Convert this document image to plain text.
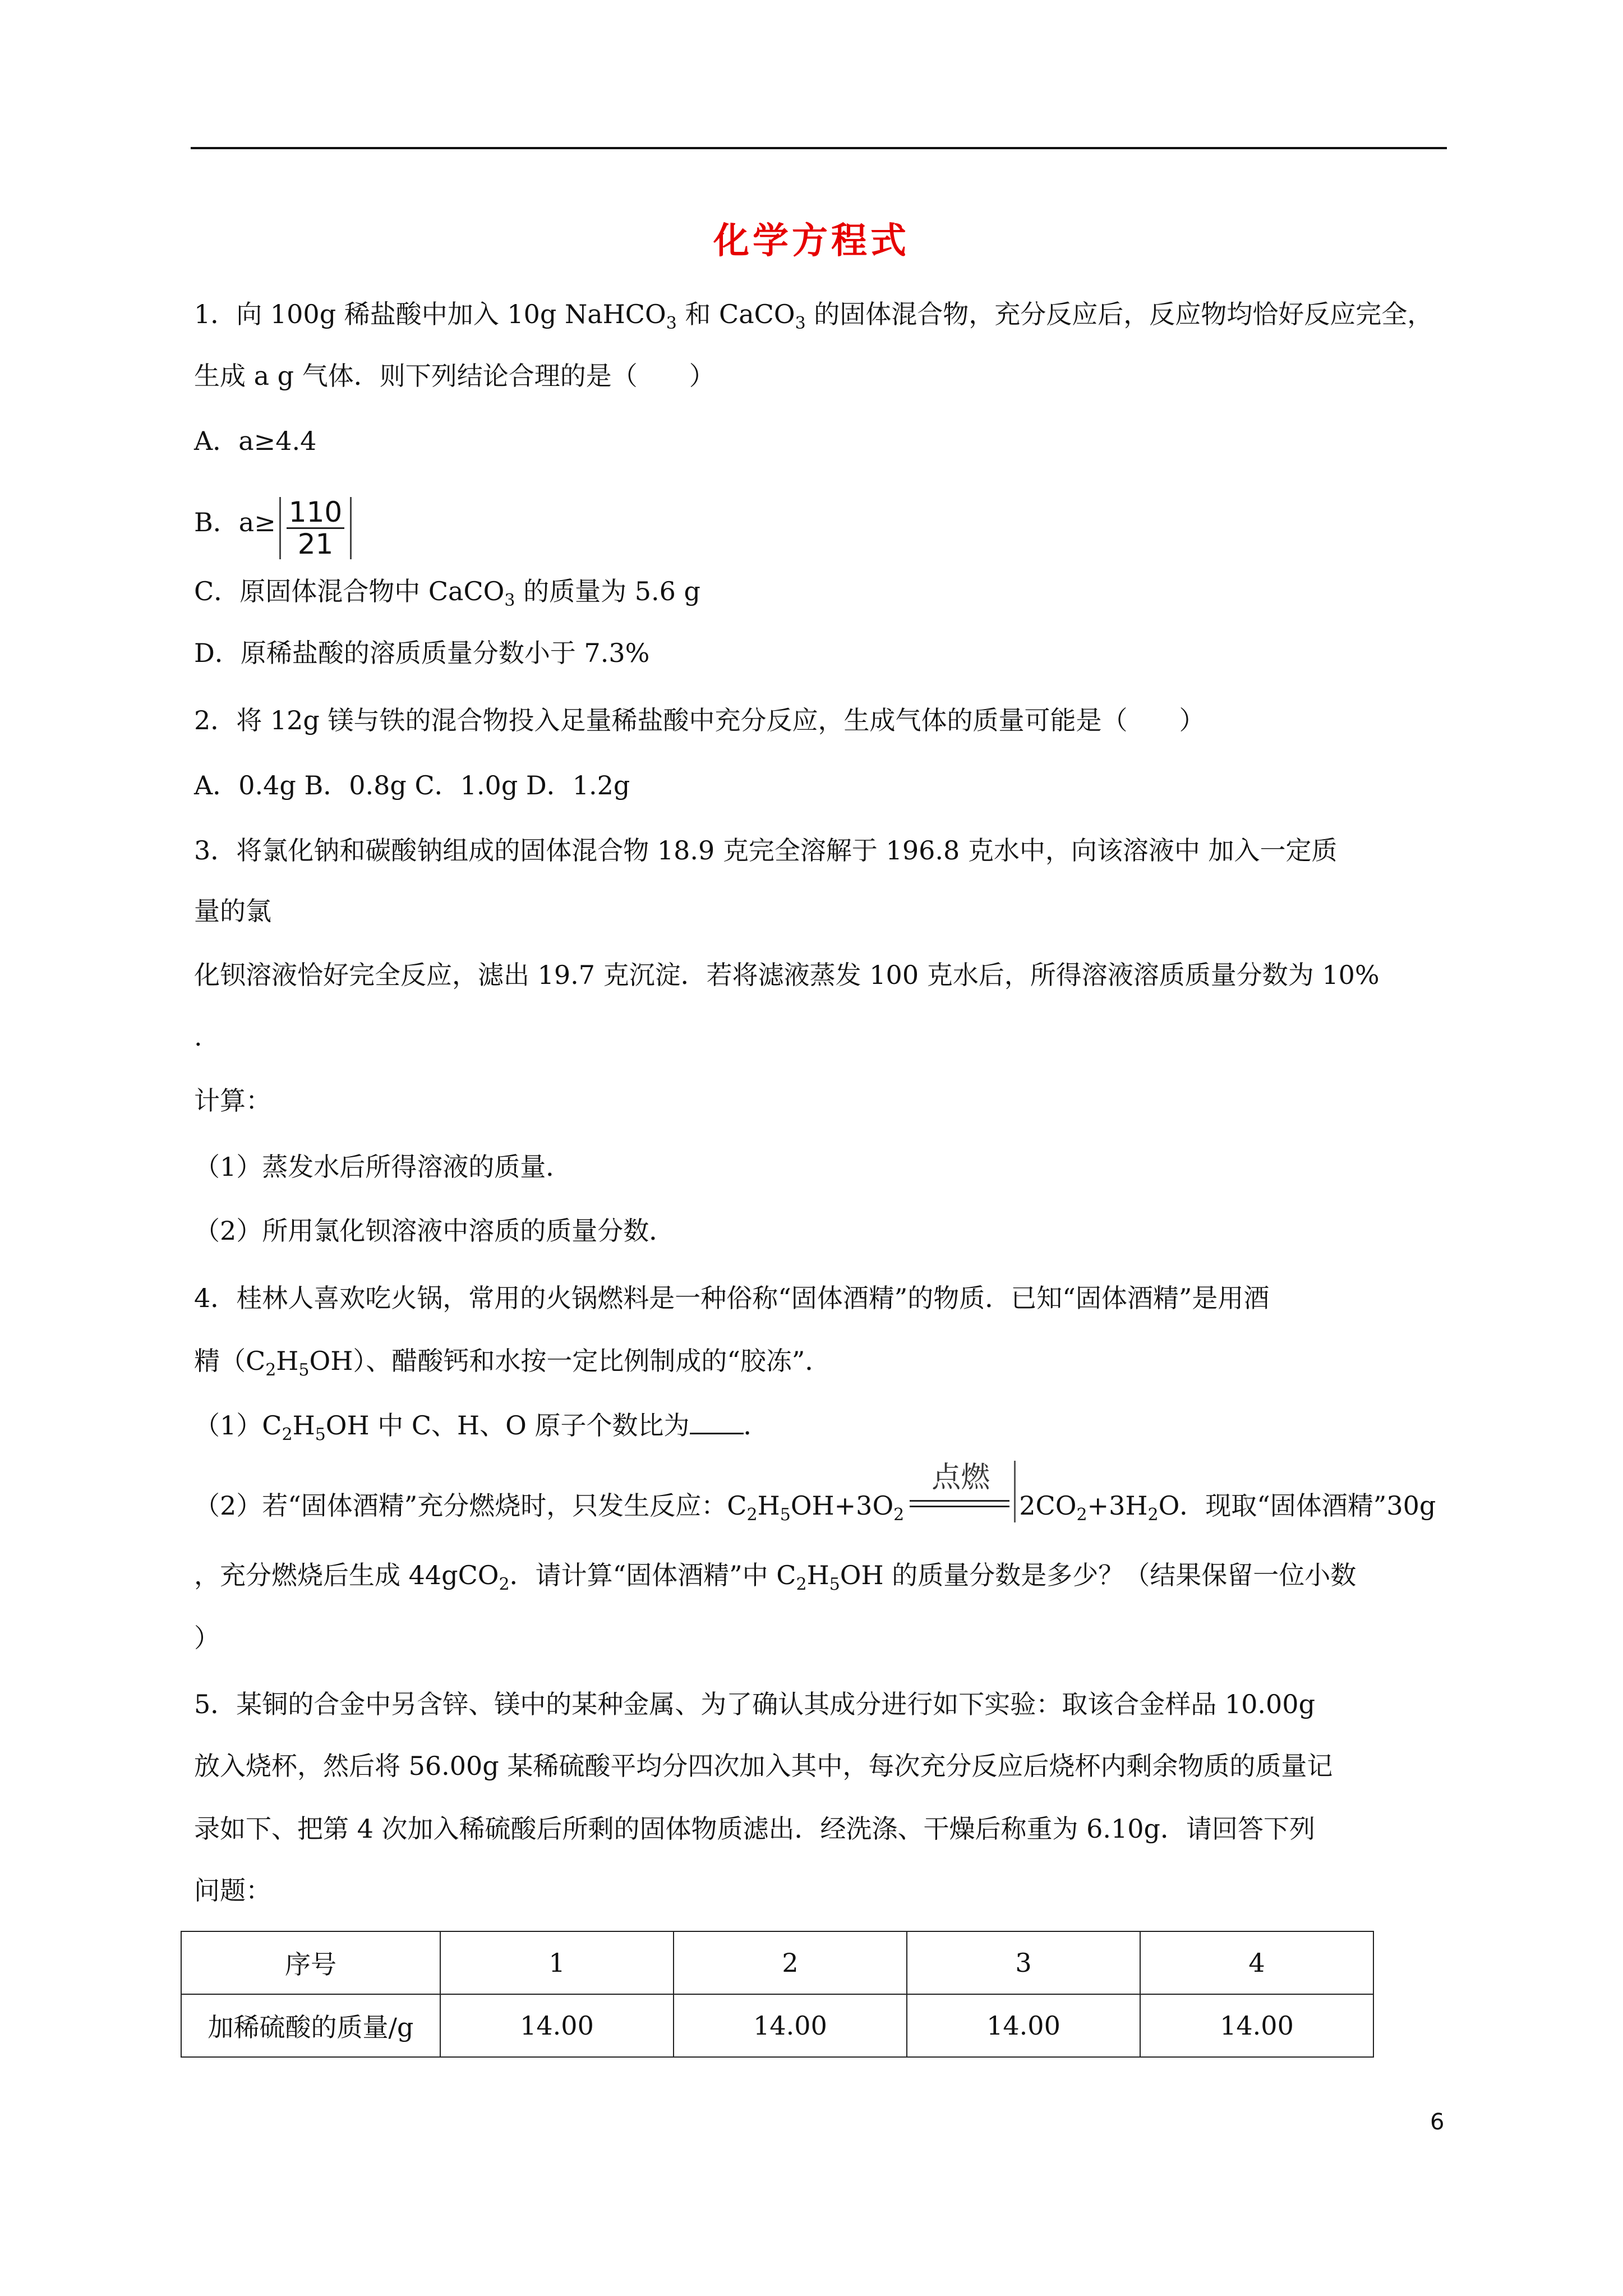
化学方程式
1．向 100g 稀盐酸中加入 10g NaHCO$_3$ 和 CaCO$_3$ 的固体混合物，充分反应后，反应物均恰好反应完全，
生成 a g 气体．则下列结论合理的是（　　）
A．a≥4.4
B．$a\ge \frac{110}{21}$
C．原固体混合物中 CaCO$_3$ 的质量为 5.6 g
D．原稀盐酸的溶质质量分数小于 7.3%
2．将 12g 镁与铁的混合物投入足量稀盐酸中充分反应，生成气体的质量可能是（　　）
A．0.4g B．0.8g C．1.0g D．1.2g
3．将氯化钠和碳酸钠组成的固体混合物 18.9 克完全溶解于 196.8 克水中，向该溶液中 加入一定质
量的氯
化钡溶液恰好完全反应，滤出 19.7 克沉淀．若将滤液蒸发 100 克水后，所得溶液溶质质量分数为 10%
.
计算：
（1）蒸发水后所得溶液的质量．
（2）所用氯化钡溶液中溶质的质量分数．
4．桂林人喜欢吃火锅，常用的火锅燃料是一种俗称“固体酒精”的物质．已知“固体酒精”是用酒
精$(C_2H_5OH)$、醋酸钙和水按一定比例制成的“胶冻”．
$(1)C_2H_5OH$ 中 C、H、O 原子个数比为 ．
（2）若“固体酒精”充分燃烧时，只发生反应：$C_2H_5OH+3O_2$
点燃
$2CO_2+3H_2O$．现取“固体酒精”30g
，充分燃烧后生成 44gCO$_2$．请计算“固体酒精”中 $C_2H_5OH$ 的质量分数是多少？（结果保留一位小数
）
5．某铜的合金中另含锌、镁中的某种金属、为了确认其成分进行如下实验：取该合金样品 10.00g
放入烧杯，然后将 56.00g 某稀硫酸平均分四次加入其中，每次充分反应后烧杯内剩余物质的质量记
录如下、把第 4 次加入稀硫酸后所剩的固体物质滤出．经洗涤、干燥后称重为 6.10g．请回答下列
问题：
序号	1	2	3	4
加稀硫酸的质量/g	14.00	14.00	14.00	14.00
6
